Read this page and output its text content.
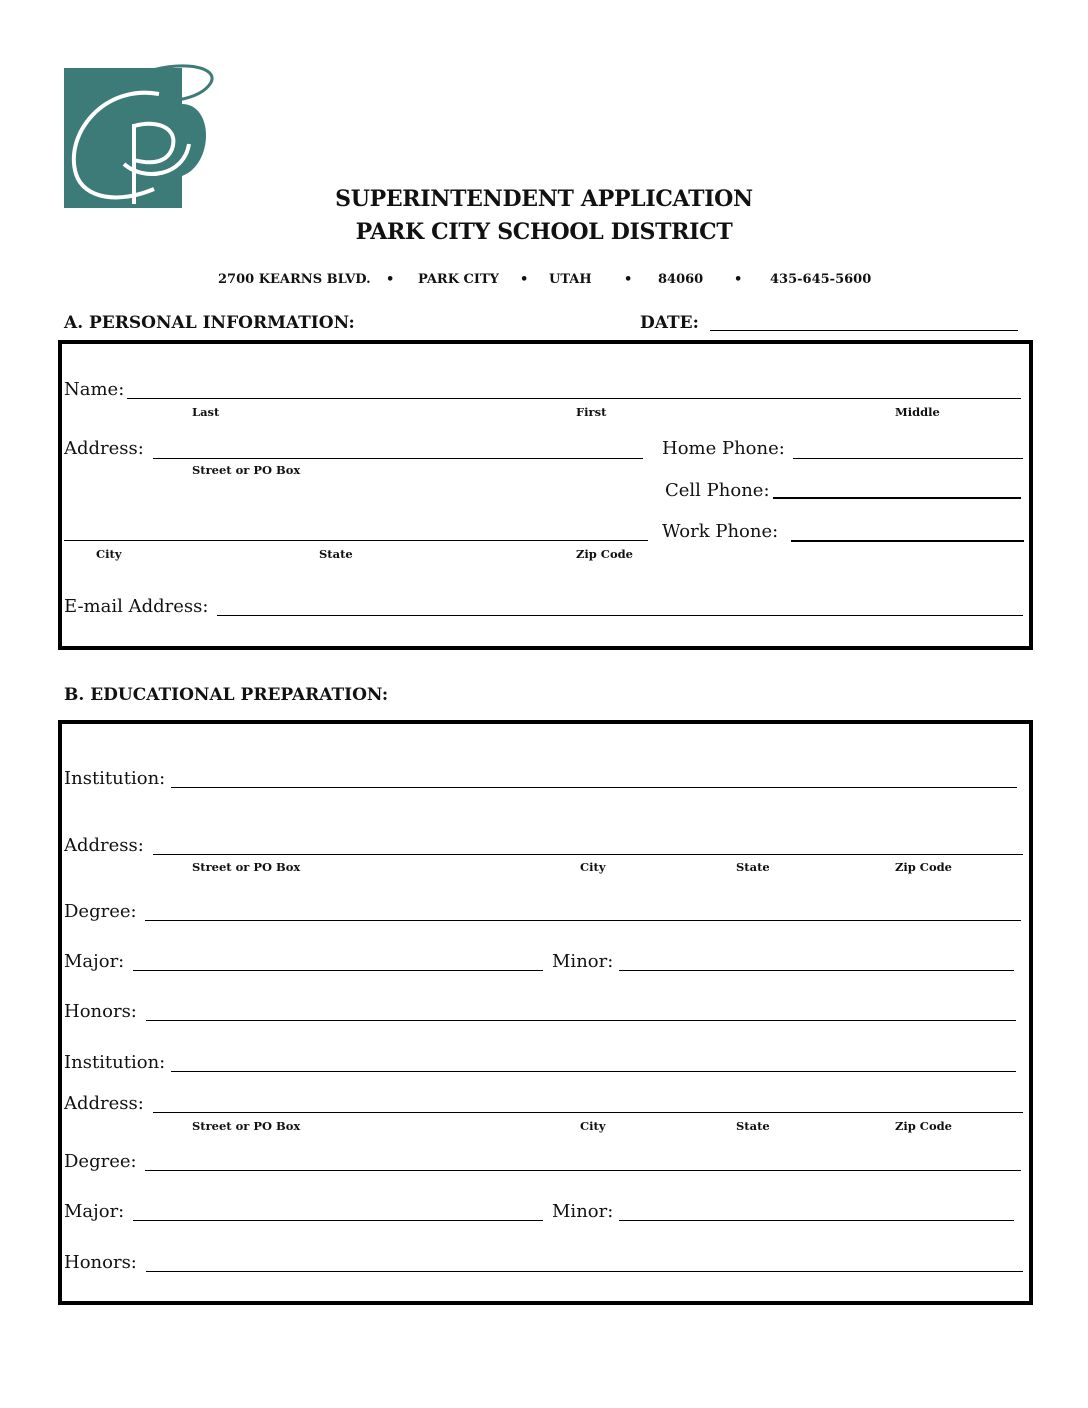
SUPERINTENDENT APPLICATION
PARK CITY SCHOOL DISTRICT
2700 KEARNS BLVD. • PARK CITY • UTAH • 84060 • 435-645-5600
A. PERSONAL INFORMATION:	DATE:
Name:
Last	First	Middle
Address:
Street or PO Box
Home Phone:
Cell Phone:
Work Phone:
City	State	Zip Code
E-mail Address:
B. EDUCATIONAL PREPARATION:
Institution:
Address:
Street or PO Box	City	State	Zip Code
Degree:
Major:	Minor:
Honors:
Institution:
Address:
Street or PO Box	City	State	Zip Code
Degree:
Major:	Minor:
Honors:
